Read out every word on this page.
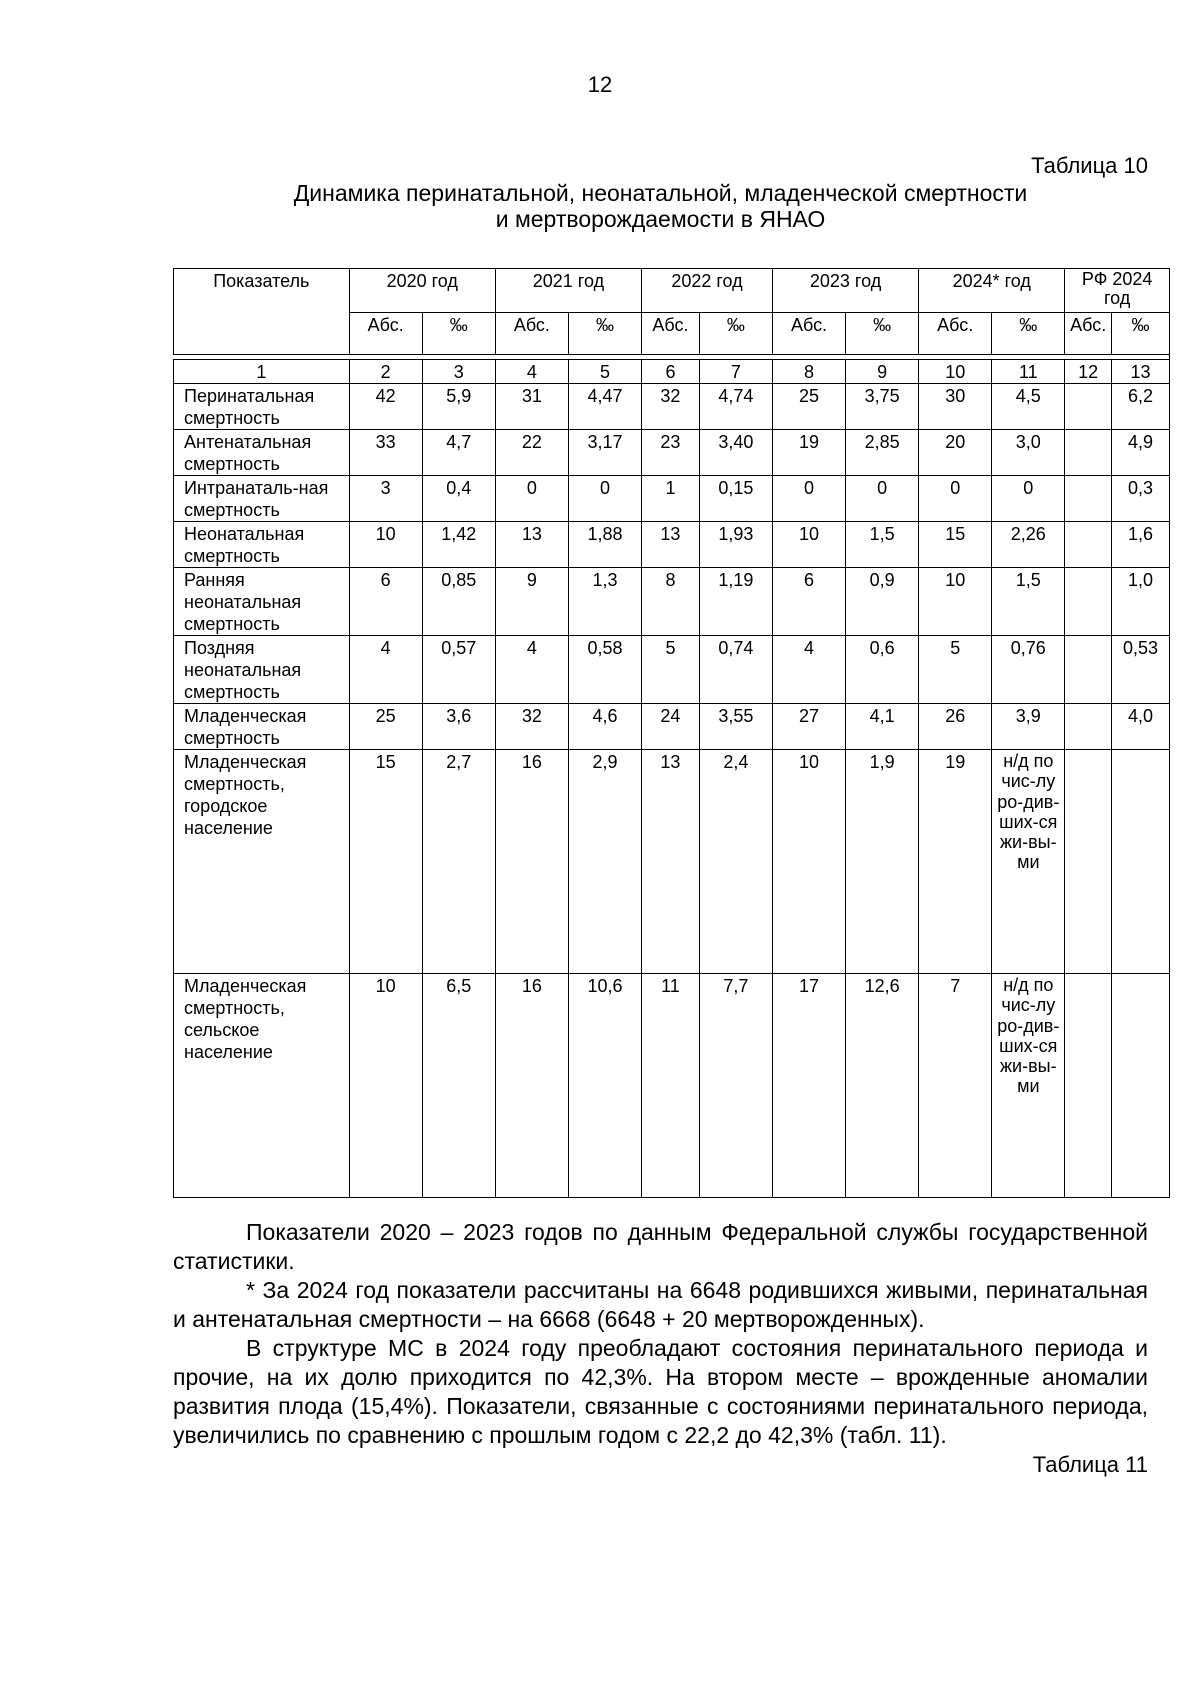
12
Таблица 10
Динамика перинатальной, неонатальной, младенческой смертности
и мертворождаемости в ЯНАО
Показатель	2020 год		2021 год		2022 год		2023 год		2024* год		РФ 2024 год	
	Абс.	‰	Абс.	‰	Абс.	‰	Абс.	‰	Абс.	‰	Абс.	‰

1	2	3	4	5	6	7	8	9	10	11	12	13
Перинатальная смертность	42	5,9	31	4,47	32	4,74	25	3,75	30	4,5		6,2
Антенатальная смертность	33	4,7	22	3,17	23	3,40	19	2,85	20	3,0		4,9
Интранаталь-ная смертность	3	0,4	0	0	1	0,15	0	0	0	0		0,3
Неонатальная смертность	10	1,42	13	1,88	13	1,93	10	1,5	15	2,26		1,6
Ранняя неонатальная смертность	6	0,85	9	1,3	8	1,19	6	0,9	10	1,5		1,0
Поздняя неонатальная смертность	4	0,57	4	0,58	5	0,74	4	0,6	5	0,76		0,53
Младенческая смертность	25	3,6	32	4,6	24	3,55	27	4,1	26	3,9		4,0
Младенческая смертность, городское население	15	2,7	16	2,9	13	2,4	10	1,9	19	н/д по чис-лу ро-див-ших-ся жи-вы-ми		
Младенческая смертность, сельское население	10	6,5	16	10,6	11	7,7	17	12,6	7	н/д по чис-лу ро-див-ших-ся жи-вы-ми		

Показатели 2020 – 2023 годов по данным Федеральной службы государственной статистики.

* За 2024 год показатели рассчитаны на 6648 родившихся живыми, перинатальная и антенатальная смертности – на 6668 (6648 + 20 мертворожденных).

В структуре МС в 2024 году преобладают состояния перинатального периода и прочие, на их долю приходится по 42,3%. На втором месте – врожденные аномалии развития плода (15,4%). Показатели, связанные с состояниями перинатального периода, увеличились по сравнению с прошлым годом с 22,2 до 42,3% (табл. 11).

Таблица 11
